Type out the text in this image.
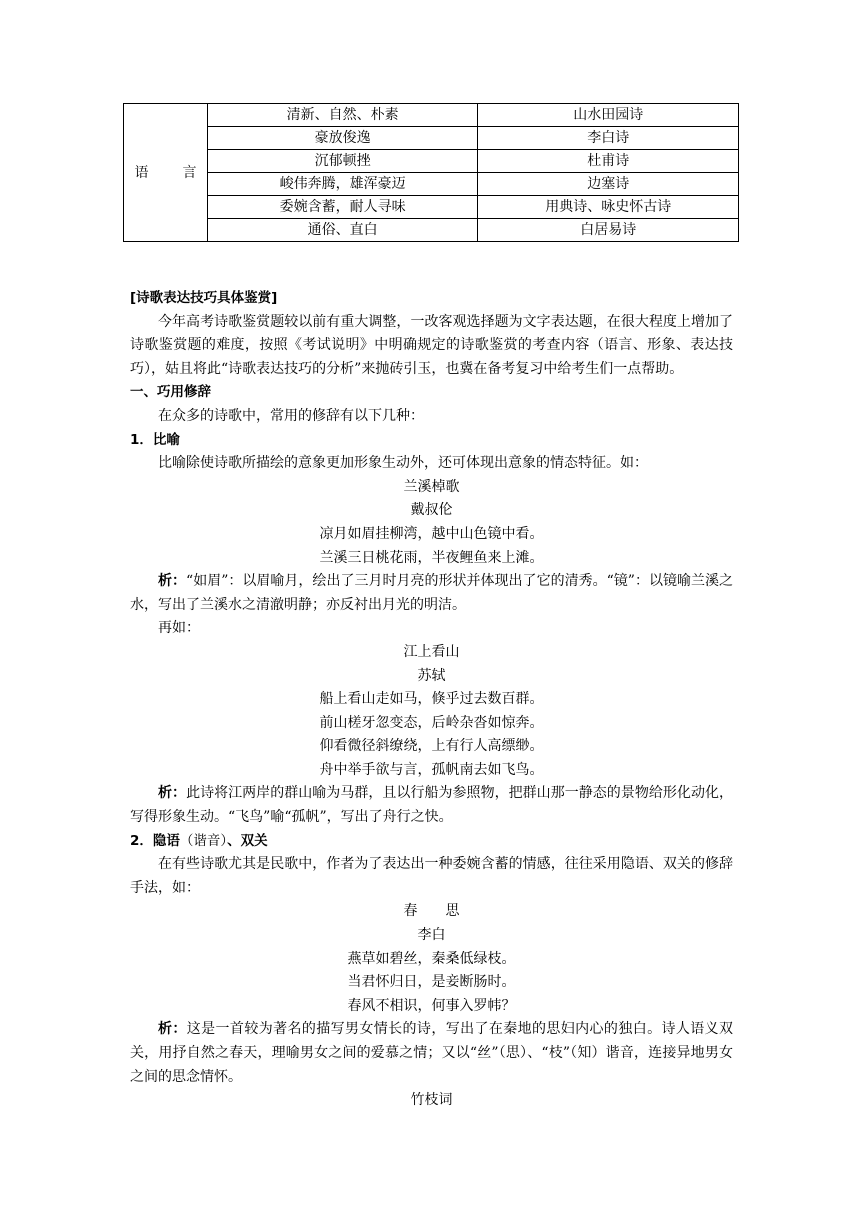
语 言	清新、自然、朴素	山水田园诗
	豪放俊逸	李白诗
	沉郁顿挫	杜甫诗
	峻伟奔腾，雄浑豪迈	边塞诗
	委婉含蓄，耐人寻味	用典诗、咏史怀古诗
	通俗、直白	白居易诗

[诗歌表达技巧具体鉴赏]

今年高考诗歌鉴赏题较以前有重大调整，一改客观选择题为文字表达题，在很大程度上增加了诗歌鉴赏题的难度，按照《考试说明》中明确规定的诗歌鉴赏的考查内容（语言、形象、表达技巧），姑且将此“诗歌表达技巧的分析”来抛砖引玉，也冀在备考复习中给考生们一点帮助。

一、巧用修辞

在众多的诗歌中，常用的修辞有以下几种：

1．比喻

比喻除使诗歌所描绘的意象更加形象生动外，还可体现出意象的情态特征。如：

兰溪棹歌

戴叔伦

凉月如眉挂柳湾，越中山色镜中看。

兰溪三日桃花雨，半夜鲤鱼来上滩。

析：“如眉”：以眉喻月，绘出了三月时月亮的形状并体现出了它的清秀。“镜”：以镜喻兰溪之水，写出了兰溪水之清澈明静；亦反衬出月光的明洁。

再如：

江上看山

苏轼

船上看山走如马，倏乎过去数百群。

前山槎牙忽变态，后岭杂沓如惊奔。

仰看微径斜缭绕，上有行人高缥缈。

舟中举手欲与言，孤帆南去如飞鸟。

析：此诗将江两岸的群山喻为马群，且以行船为参照物，把群山那一静态的景物给形化动化，写得形象生动。“飞鸟”喻“孤帆”，写出了舟行之快。

2．隐语（谐音）、双关

在有些诗歌尤其是民歌中，作者为了表达出一种委婉含蓄的情感，往往采用隐语、双关的修辞手法，如：

春　　思

李白

燕草如碧丝，秦桑低绿枝。

当君怀归日，是妾断肠时。

春风不相识，何事入罗帏？

析：这是一首较为著名的描写男女情长的诗，写出了在秦地的思妇内心的独白。诗人语义双关，用抒自然之春天，理喻男女之间的爱慕之情；又以“丝”（思）、“枝”（知）谐音，连接异地男女之间的思念情怀。

竹枝词
